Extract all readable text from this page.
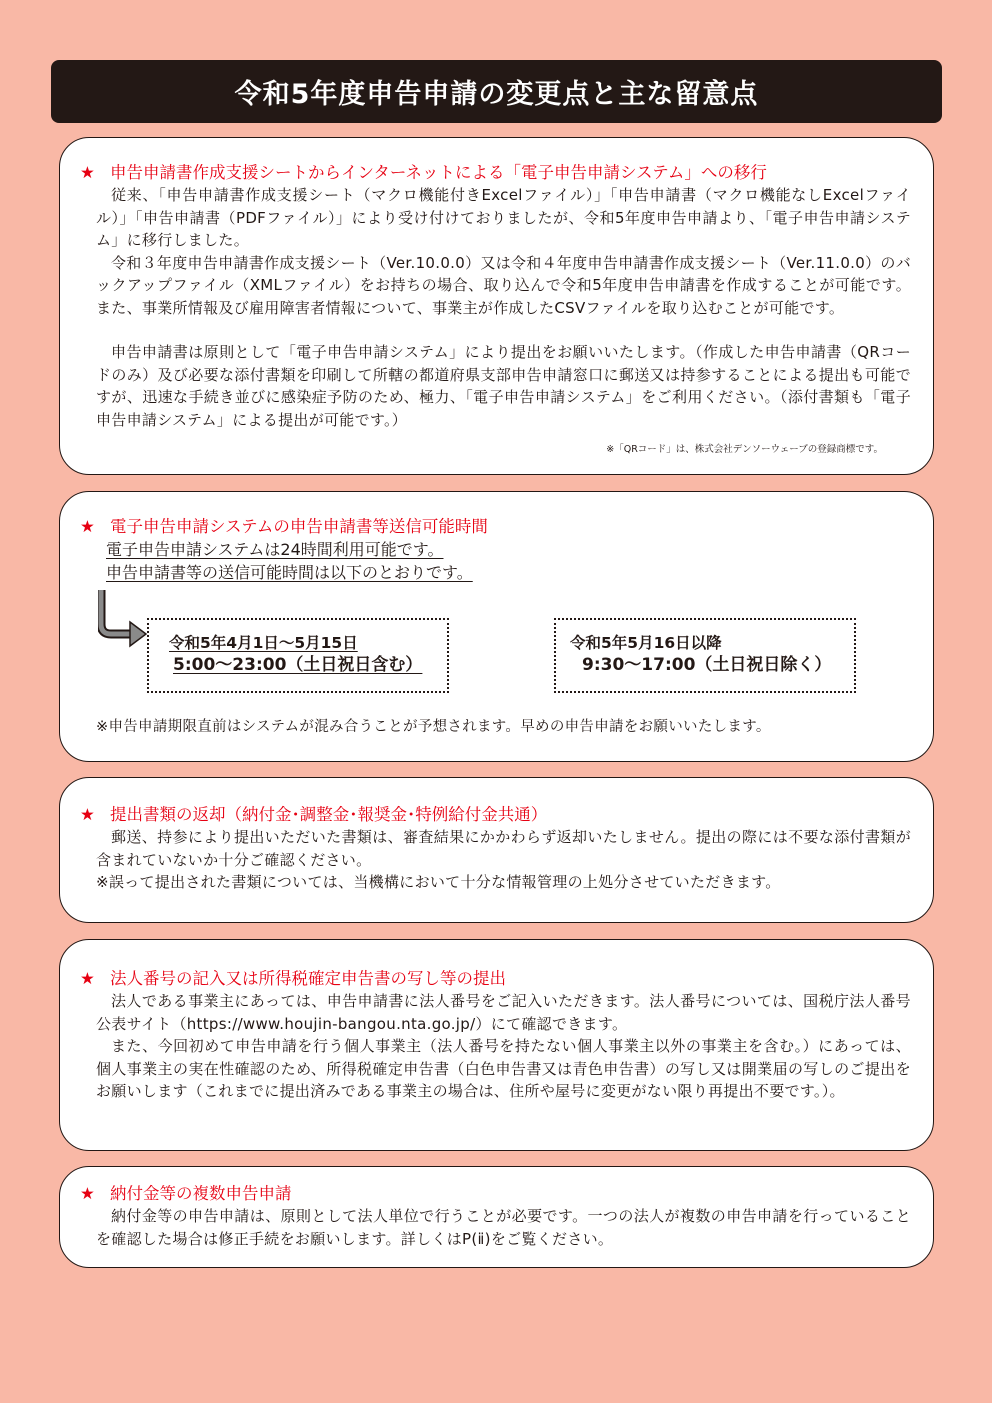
令和5年度申告申請の変更点と主な留意点
★ 申告申請書作成支援シートからインターネットによる「電子申告申請システム」への移行
従来、「申告申請書作成支援シート（マクロ機能付きExcelファイル）」「申告申請書（マクロ機能なしExcelファイル）」「申告申請書（PDFファイル）」により受け付けておりましたが、令和5年度申告申請より、「電子申告申請システム」に移行しました。
令和３年度申告申請書作成支援シート（Ver.10.0.0）又は令和４年度申告申請書作成支援シート（Ver.11.0.0）のバックアップファイル（XMLファイル）をお持ちの場合、取り込んで令和5年度申告申請書を作成することが可能です。また、事業所情報及び雇用障害者情報について、事業主が作成したCSVファイルを取り込むことが可能です。
申告申請書は原則として「電子申告申請システム」により提出をお願いいたします。（作成した申告申請書（QRコードのみ）及び必要な添付書類を印刷して所轄の都道府県支部申告申請窓口に郵送又は持参することによる提出も可能ですが、迅速な手続き並びに感染症予防のため、極力、「電子申告申請システム」をご利用ください。（添付書類も「電子申告申請システム」による提出が可能です。）
※「QRコード」は、株式会社デンソーウェーブの登録商標です。
★ 電子申告申請システムの申告申請書等送信可能時間
電子申告申請システムは24時間利用可能です。
申告申請書等の送信可能時間は以下のとおりです。
令和5年4月1日～5月15日
5:00～23:00（土日祝日含む）
令和5年5月16日以降
9:30～17:00（土日祝日除く）
※申告申請期限直前はシステムが混み合うことが予想されます。早めの申告申請をお願いいたします。
★ 提出書類の返却（納付金･調整金･報奨金･特例給付金共通）
郵送、持参により提出いただいた書類は、審査結果にかかわらず返却いたしません。提出の際には不要な添付書類が含まれていないか十分ご確認ください。
※誤って提出された書類については、当機構において十分な情報管理の上処分させていただきます。
★ 法人番号の記入又は所得税確定申告書の写し等の提出
法人である事業主にあっては、申告申請書に法人番号をご記入いただきます。法人番号については、国税庁法人番号公表サイト（https://www.houjin-bangou.nta.go.jp/）にて確認できます。
また、今回初めて申告申請を行う個人事業主（法人番号を持たない個人事業主以外の事業主を含む。）にあっては、個人事業主の実在性確認のため、所得税確定申告書（白色申告書又は青色申告書）の写し又は開業届の写しのご提出をお願いします（これまでに提出済みである事業主の場合は、住所や屋号に変更がない限り再提出不要です。）。
★ 納付金等の複数申告申請
納付金等の申告申請は、原則として法人単位で行うことが必要です。一つの法人が複数の申告申請を行っていることを確認した場合は修正手続をお願いします。詳しくはP(ⅱ)をご覧ください。
